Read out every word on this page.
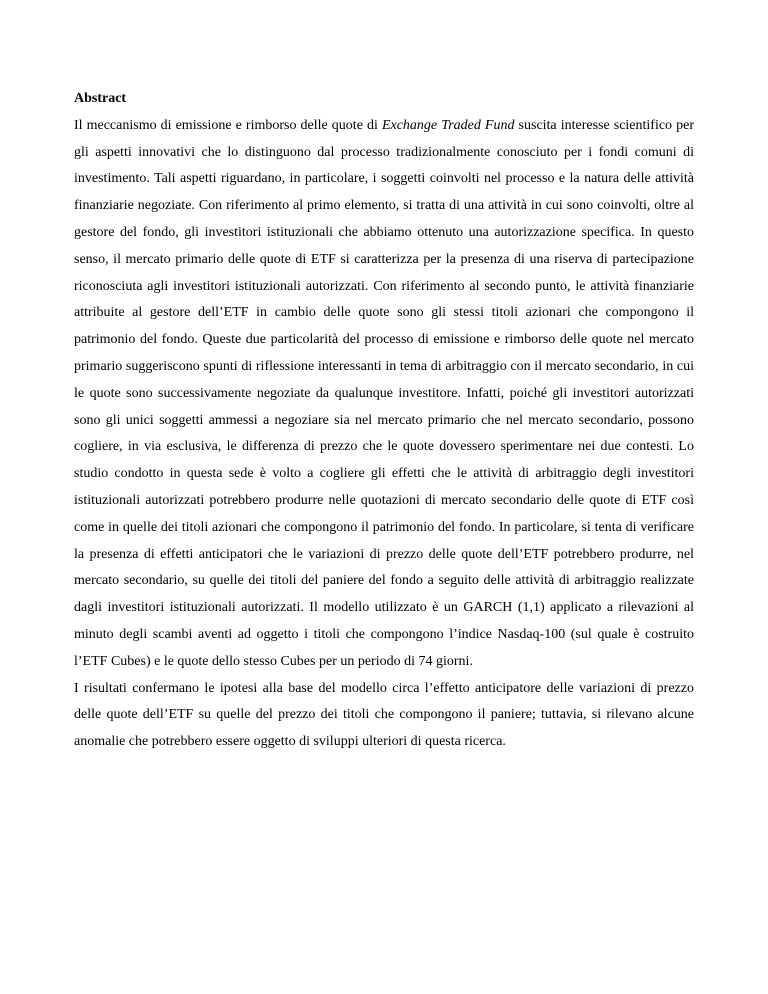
Abstract

Il meccanismo di emissione e rimborso delle quote di Exchange Traded Fund suscita interesse scientifico per gli aspetti innovativi che lo distinguono dal processo tradizionalmente conosciuto per i fondi comuni di investimento. Tali aspetti riguardano, in particolare, i soggetti coinvolti nel processo e la natura delle attività finanziarie negoziate. Con riferimento al primo elemento, si tratta di una attività in cui sono coinvolti, oltre al gestore del fondo, gli investitori istituzionali che abbiamo ottenuto una autorizzazione specifica. In questo senso, il mercato primario delle quote di ETF si caratterizza per la presenza di una riserva di partecipazione riconosciuta agli investitori istituzionali autorizzati. Con riferimento al secondo punto, le attività finanziarie attribuite al gestore dell’ETF in cambio delle quote sono gli stessi titoli azionari che compongono il patrimonio del fondo. Queste due particolarità del processo di emissione e rimborso delle quote nel mercato primario suggeriscono spunti di riflessione interessanti in tema di arbitraggio con il mercato secondario, in cui le quote sono successivamente negoziate da qualunque investitore. Infatti, poiché gli investitori autorizzati sono gli unici soggetti ammessi a negoziare sia nel mercato primario che nel mercato secondario, possono cogliere, in via esclusiva, le differenza di prezzo che le quote dovessero sperimentare nei due contesti. Lo studio condotto in questa sede è volto a cogliere gli effetti che le attività di arbitraggio degli investitori istituzionali autorizzati potrebbero produrre nelle quotazioni di mercato secondario delle quote di ETF così come in quelle dei titoli azionari che compongono il patrimonio del fondo. In particolare, si tenta di verificare la presenza di effetti anticipatori che le variazioni di prezzo delle quote dell’ETF potrebbero produrre, nel mercato secondario, su quelle dei titoli del paniere del fondo a seguito delle attività di arbitraggio realizzate dagli investitori istituzionali autorizzati. Il modello utilizzato è un GARCH (1,1) applicato a rilevazioni al minuto degli scambi aventi ad oggetto i titoli che compongono l’indice Nasdaq-100 (sul quale è costruito l’ETF Cubes) e le quote dello stesso Cubes per un periodo di 74 giorni.

I risultati confermano le ipotesi alla base del modello circa l’effetto anticipatore delle variazioni di prezzo delle quote dell’ETF su quelle del prezzo dei titoli che compongono il paniere; tuttavia, si rilevano alcune anomalie che potrebbero essere oggetto di sviluppi ulteriori di questa ricerca.
